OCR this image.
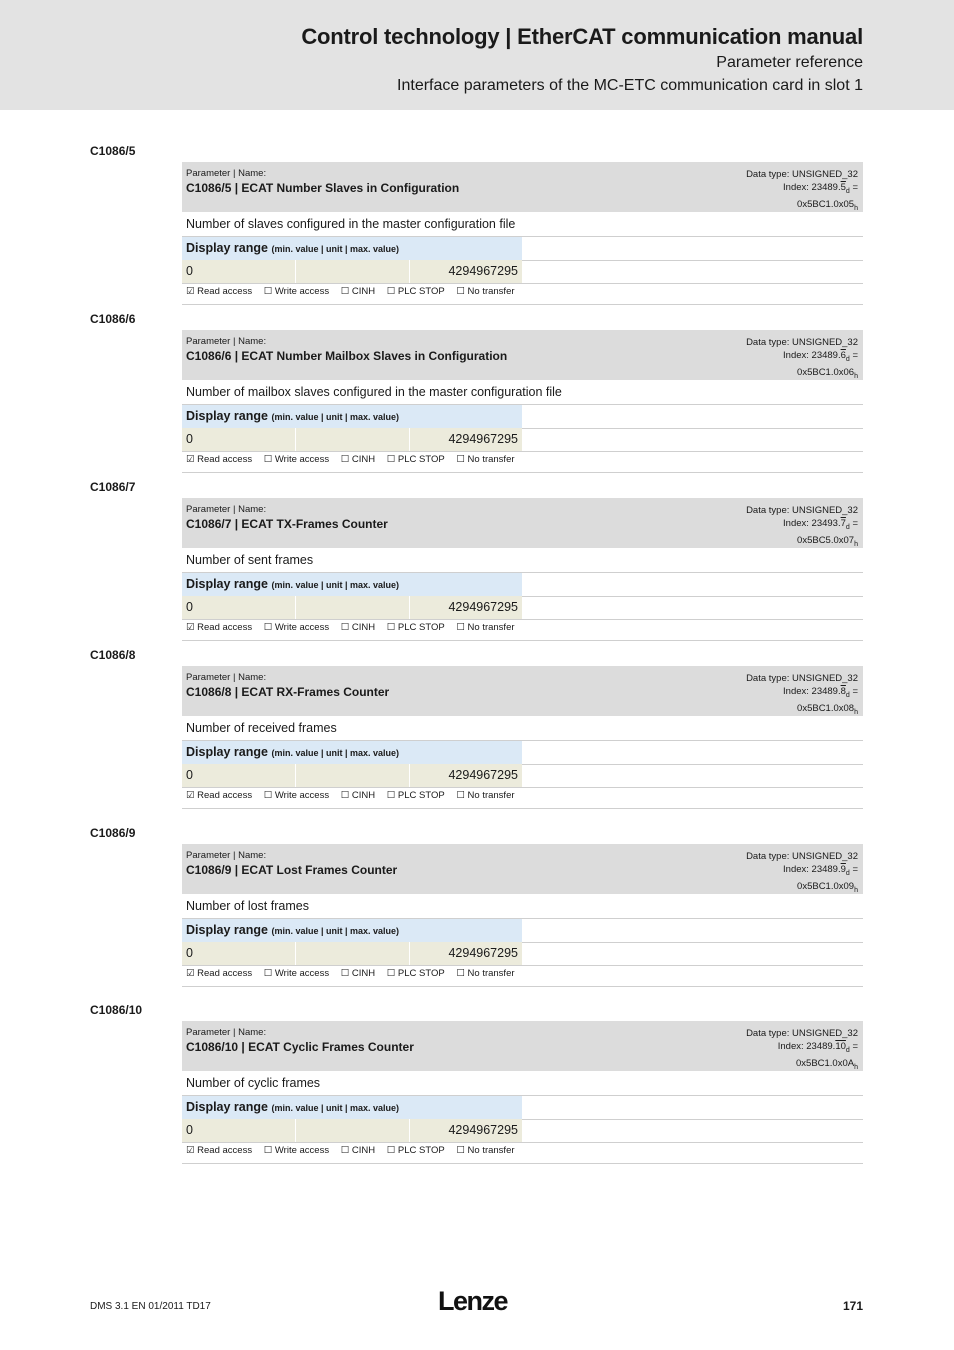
Control technology | EtherCAT communication manual
Parameter reference
Interface parameters of the MC-ETC communication card in slot 1
C1086/5
Parameter | Name:
C1086/5 | ECAT Number Slaves in Configuration
Data type: UNSIGNED_32
Index: $23489.5_d$ =
$0x5BC1.0x05_h$
Number of slaves configured in the master configuration file
Display range (min. value | unit | max. value)
0	4294967295
☑ Read access ☐ Write access ☐ CINH ☐ PLC STOP ☐ No transfer
C1086/6
Parameter | Name:
C1086/6 | ECAT Number Mailbox Slaves in Configuration
Data type: UNSIGNED_32
Index: $23489.6_d$ =
$0x5BC1.0x06_h$
Number of mailbox slaves configured in the master configuration file
Display range (min. value | unit | max. value)
0	4294967295
☑ Read access ☐ Write access ☐ CINH ☐ PLC STOP ☐ No transfer
C1086/7
Parameter | Name:
C1086/7 | ECAT TX-Frames Counter
Data type: UNSIGNED_32
Index: $23493.7_d$ =
$0x5BC5.0x07_h$
Number of sent frames
Display range (min. value | unit | max. value)
0	4294967295
☑ Read access ☐ Write access ☐ CINH ☐ PLC STOP ☐ No transfer
C1086/8
Parameter | Name:
C1086/8 | ECAT RX-Frames Counter
Data type: UNSIGNED_32
Index: $23489.8_d$ =
$0x5BC1.0x08_h$
Number of received frames
Display range (min. value | unit | max. value)
0	4294967295
☑ Read access ☐ Write access ☐ CINH ☐ PLC STOP ☐ No transfer
C1086/9
Parameter | Name:
C1086/9 | ECAT Lost Frames Counter
Data type: UNSIGNED_32
Index: $23489.9_d$ =
$0x5BC1.0x09_h$
Number of lost frames
Display range (min. value | unit | max. value)
0	4294967295
☑ Read access ☐ Write access ☐ CINH ☐ PLC STOP ☐ No transfer
C1086/10
Parameter | Name:
C1086/10 | ECAT Cyclic Frames Counter
Data type: UNSIGNED_32
Index: $23489.10_d$ =
$0x5BC1.0x0A_h$
Number of cyclic frames
Display range (min. value | unit | max. value)
0	4294967295
☑ Read access ☐ Write access ☐ CINH ☐ PLC STOP ☐ No transfer
DMS 3.1 EN 01/2011 TD17	Lenze	171
